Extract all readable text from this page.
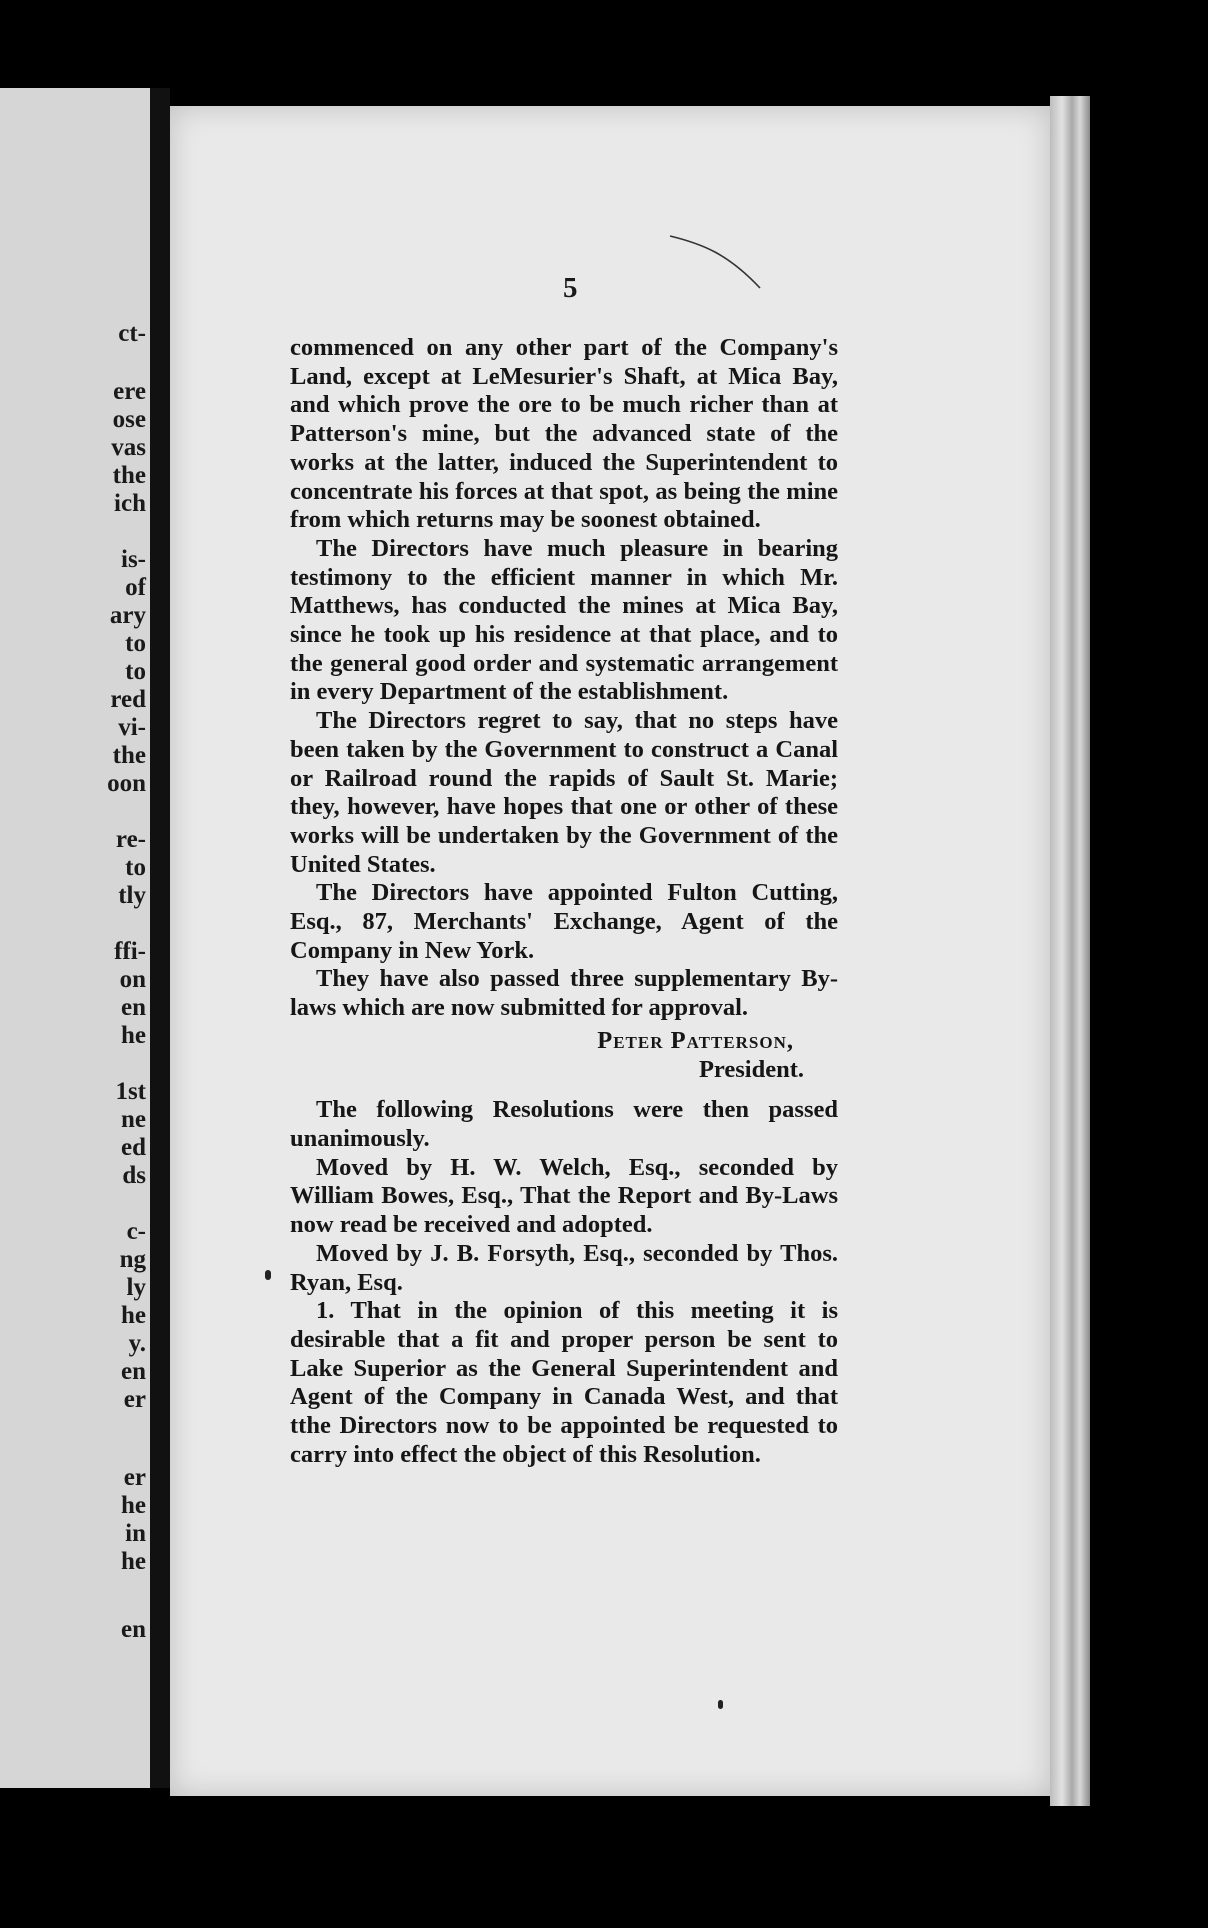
ct-
ere
ose
vas
the
ich
is-
of
ary
to
to
red
vi-
the
oon
re-
to
tly
ffi-
on
en
he
1st
ne
ed
ds
c-
ng
ly
he
y.
en
er
er
he
in
he
en
5

commenced on any other part of the Company's Land, except at LeMesurier's Shaft, at Mica Bay, and which prove the ore to be much richer than at Patterson's mine, but the advanced state of the works at the latter, induced the Superintendent to concentrate his forces at that spot, as being the mine from which returns may be soonest obtained.

The Directors have much pleasure in bearing testimony to the efficient manner in which Mr. Matthews, has conducted the mines at Mica Bay, since he took up his residence at that place, and to the general good order and systematic arrangement in every Department of the establishment.

The Directors regret to say, that no steps have been taken by the Government to construct a Canal or Railroad round the rapids of Sault St. Marie; they, however, have hopes that one or other of these works will be undertaken by the Government of the United States.

The Directors have appointed Fulton Cutting, Esq., 87, Merchants' Exchange, Agent of the Company in New York.

They have also passed three supplementary By-laws which are now submitted for approval.

Peter Patterson,
President.

The following Resolutions were then passed unanimously.

Moved by H. W. Welch, Esq., seconded by William Bowes, Esq., That the Report and By-Laws now read be received and adopted.

Moved by J. B. Forsyth, Esq., seconded by Thos. Ryan, Esq.

1. That in the opinion of this meeting it is desirable that a fit and proper person be sent to Lake Superior as the General Superintendent and Agent of the Company in Canada West, and that tthe Directors now to be appointed be requested to carry into effect the object of this Resolution.
